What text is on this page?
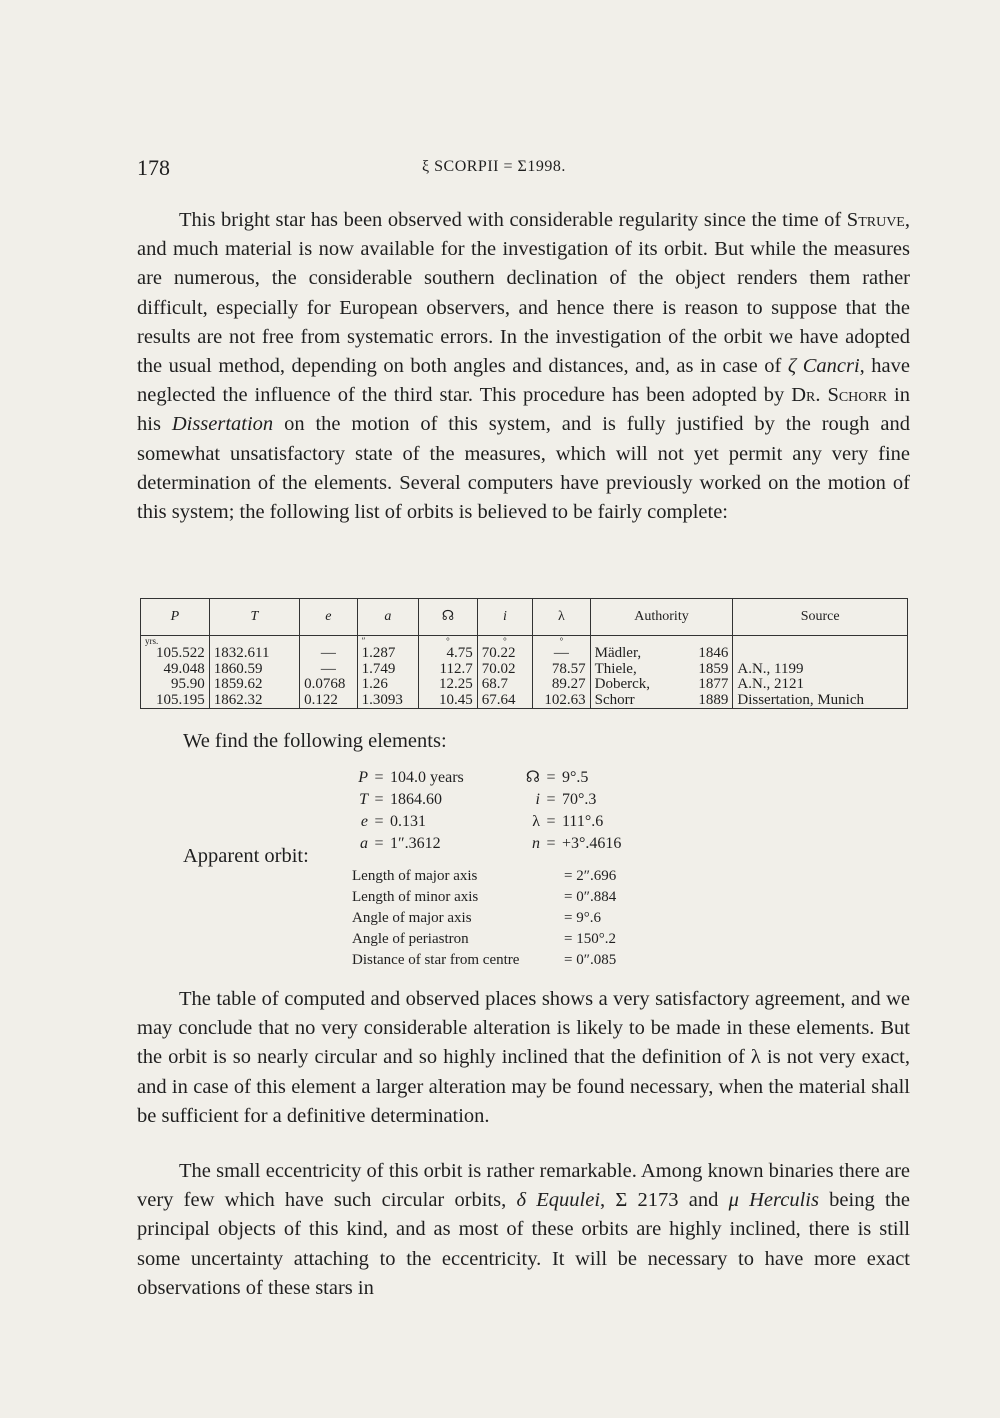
178	ξ SCORPII = Σ1998.

This bright star has been observed with considerable regularity since the time of Struve, and much material is now available for the investigation of its orbit. But while the measures are numerous, the considerable southern declination of the object renders them rather difficult, especially for European observers, and hence there is reason to suppose that the results are not free from systematic errors. In the investigation of the orbit we have adopted the usual method, depending on both angles and distances, and, as in case of ζ Cancri, have neglected the influence of the third star. This procedure has been adopted by Dr. Schorr in his Dissertation on the motion of this system, and is fully justified by the rough and somewhat unsatisfactory state of the measures, which will not yet permit any very fine determination of the elements. Several computers have previously worked on the motion of this system; the following list of orbits is believed to be fairly complete:

P	T	e	a	☊	i	λ	Authority	Source
yrs.			″	°	°	°		
105.522	1832.611	—	1.287	4.75	70.22	—	Mädler, 1846	

49.048	1860.59	—	1.749	112.7	70.02	78.57	Thiele, 1859	A.N., 1199
95.90	1859.62	0.0768	1.26	12.25	68.7	89.27	Doberck, 1877	A.N., 2121
105.195	1862.32	0.122	1.3093	10.45	67.64	102.63	Schorr 1889	Dissertation, Munich
We find the following elements:
P = 104.0 years
T = 1864.60
e = 0.131
a = 1″.3612
☊ = 9°.5
i = 70°.3
λ = 111°.6
n = +3°.4616
Apparent orbit:
Length of major axis	= 2″.696
Length of minor axis	= 0″.884
Angle of major axis	= 9°.6
Angle of periastron	= 150°.2
Distance of star from centre	= 0″.085

The table of computed and observed places shows a very satisfactory agreement, and we may conclude that no very considerable alteration is likely to be made in these elements. But the orbit is so nearly circular and so highly inclined that the definition of λ is not very exact, and in case of this element a larger alteration may be found necessary, when the material shall be sufficient for a definitive determination.

The small eccentricity of this orbit is rather remarkable. Among known binaries there are very few which have such circular orbits, δ Equulei, Σ 2173 and μ Herculis being the principal objects of this kind, and as most of these orbits are highly inclined, there is still some uncertainty attaching to the eccentricity. It will be necessary to have more exact observations of these stars in
